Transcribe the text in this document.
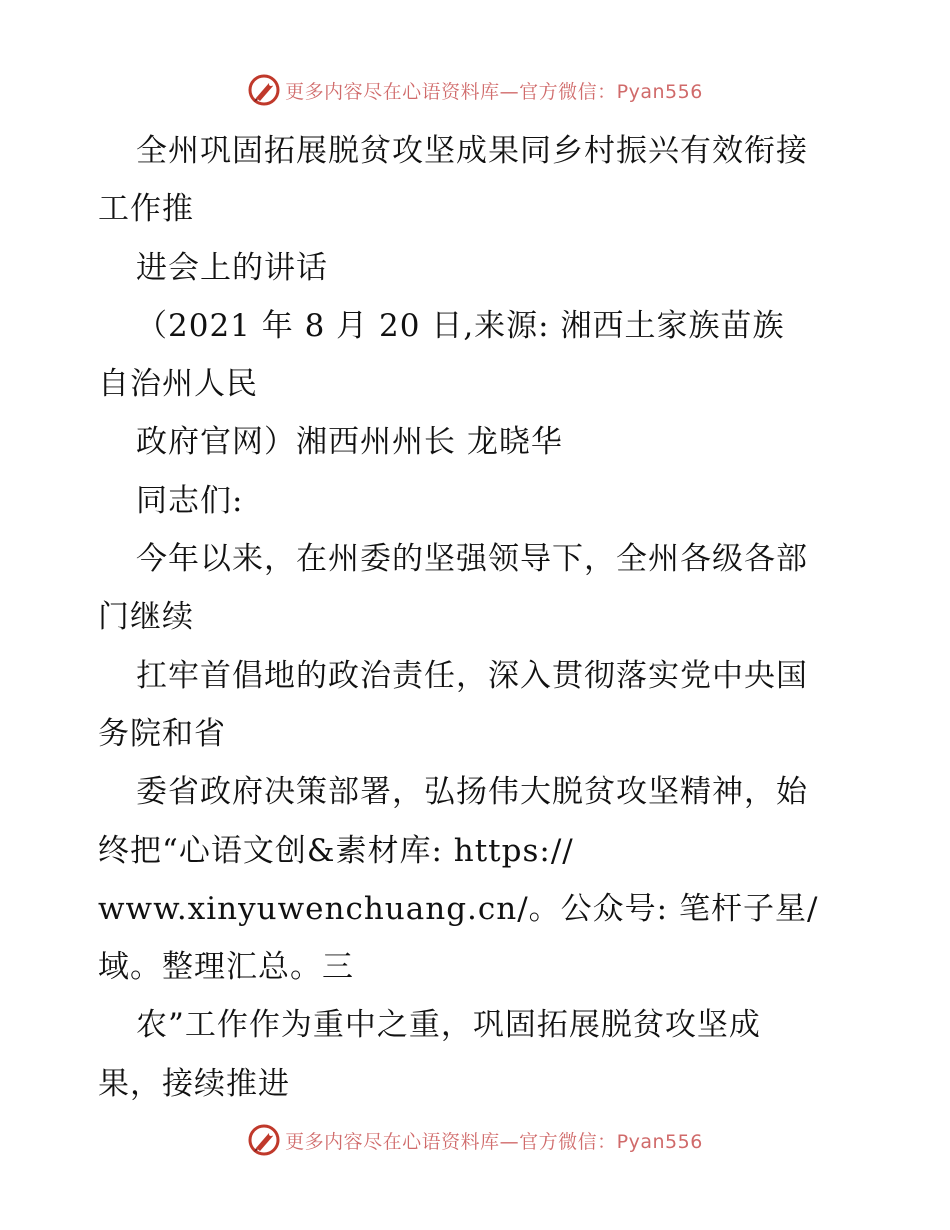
更多内容尽在心语资料库—官方微信：Pyan556
全州巩固拓展脱贫攻坚成果同乡村振兴有效衔接
工作推
进会上的讲话
（2021 年 8 月 20 日,来源: 湘西土家族苗族
自治州人民
政府官网）湘西州州长 龙晓华
同志们:
今年以来，在州委的坚强领导下，全州各级各部
门继续
扛牢首倡地的政治责任，深入贯彻落实党中央国
务院和省
委省政府决策部署，弘扬伟大脱贫攻坚精神，始
终把“心语文创&素材库: https://
www.xinyuwenchuang.cn/。公众号: 笔杆子星/
域。整理汇总。三
农”工作作为重中之重，巩固拓展脱贫攻坚成
果，接续推进
更多内容尽在心语资料库—官方微信：Pyan556
